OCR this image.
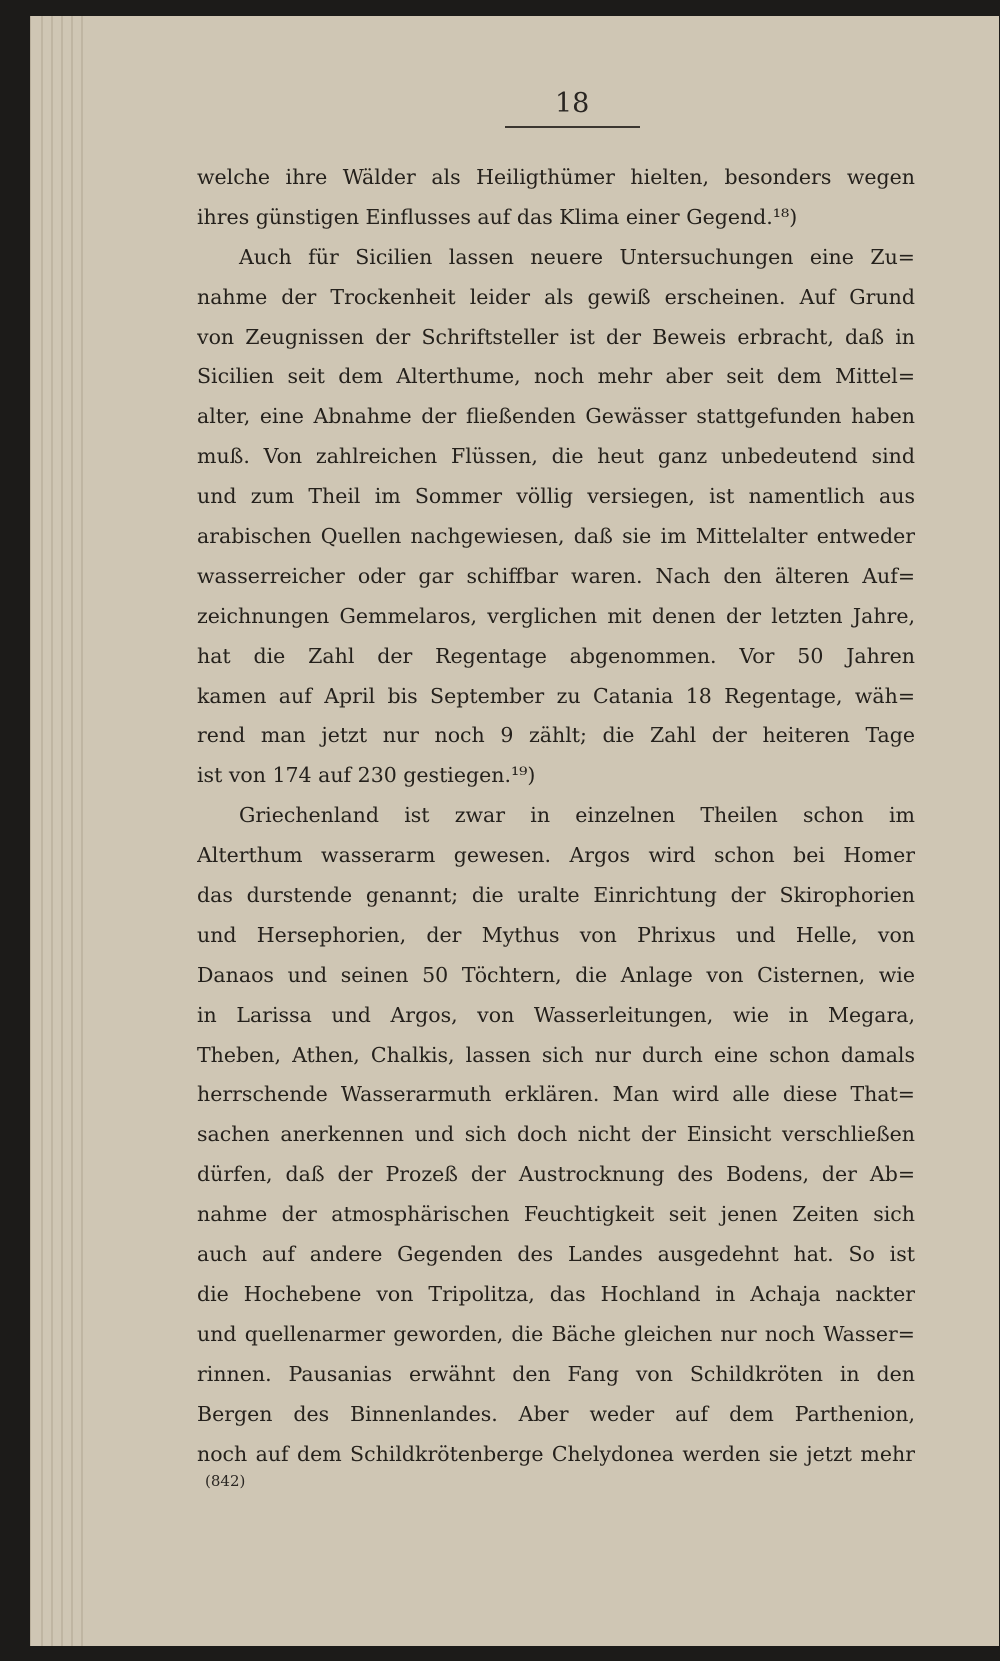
18
welche ihre Wälder als Heiligthümer hielten, besonders wegen
ihres günstigen Einflusses auf das Klima einer Gegend.¹⁸)
Auch für Sicilien lassen neuere Untersuchungen eine Zu=
nahme der Trockenheit leider als gewiß erscheinen. Auf Grund
von Zeugnissen der Schriftsteller ist der Beweis erbracht, daß in
Sicilien seit dem Alterthume, noch mehr aber seit dem Mittel=
alter, eine Abnahme der fließenden Gewässer stattgefunden haben
muß. Von zahlreichen Flüssen, die heut ganz unbedeutend sind
und zum Theil im Sommer völlig versiegen, ist namentlich aus
arabischen Quellen nachgewiesen, daß sie im Mittelalter entweder
wasserreicher oder gar schiffbar waren. Nach den älteren Auf=
zeichnungen Gemmelaros, verglichen mit denen der letzten Jahre,
hat die Zahl der Regentage abgenommen. Vor 50 Jahren
kamen auf April bis September zu Catania 18 Regentage, wäh=
rend man jetzt nur noch 9 zählt; die Zahl der heiteren Tage
ist von 174 auf 230 gestiegen.¹⁹)
Griechenland ist zwar in einzelnen Theilen schon im
Alterthum wasserarm gewesen. Argos wird schon bei Homer
das durstende genannt; die uralte Einrichtung der Skirophorien
und Hersephorien, der Mythus von Phrixus und Helle, von
Danaos und seinen 50 Töchtern, die Anlage von Cisternen, wie
in Larissa und Argos, von Wasserleitungen, wie in Megara,
Theben, Athen, Chalkis, lassen sich nur durch eine schon damals
herrschende Wasserarmuth erklären. Man wird alle diese That=
sachen anerkennen und sich doch nicht der Einsicht verschließen
dürfen, daß der Prozeß der Austrocknung des Bodens, der Ab=
nahme der atmosphärischen Feuchtigkeit seit jenen Zeiten sich
auch auf andere Gegenden des Landes ausgedehnt hat. So ist
die Hochebene von Tripolitza, das Hochland in Achaja nackter
und quellenarmer geworden, die Bäche gleichen nur noch Wasser=
rinnen. Pausanias erwähnt den Fang von Schildkröten in den
Bergen des Binnenlandes. Aber weder auf dem Parthenion,
noch auf dem Schildkrötenberge Chelydonea werden sie jetzt mehr
(842)
